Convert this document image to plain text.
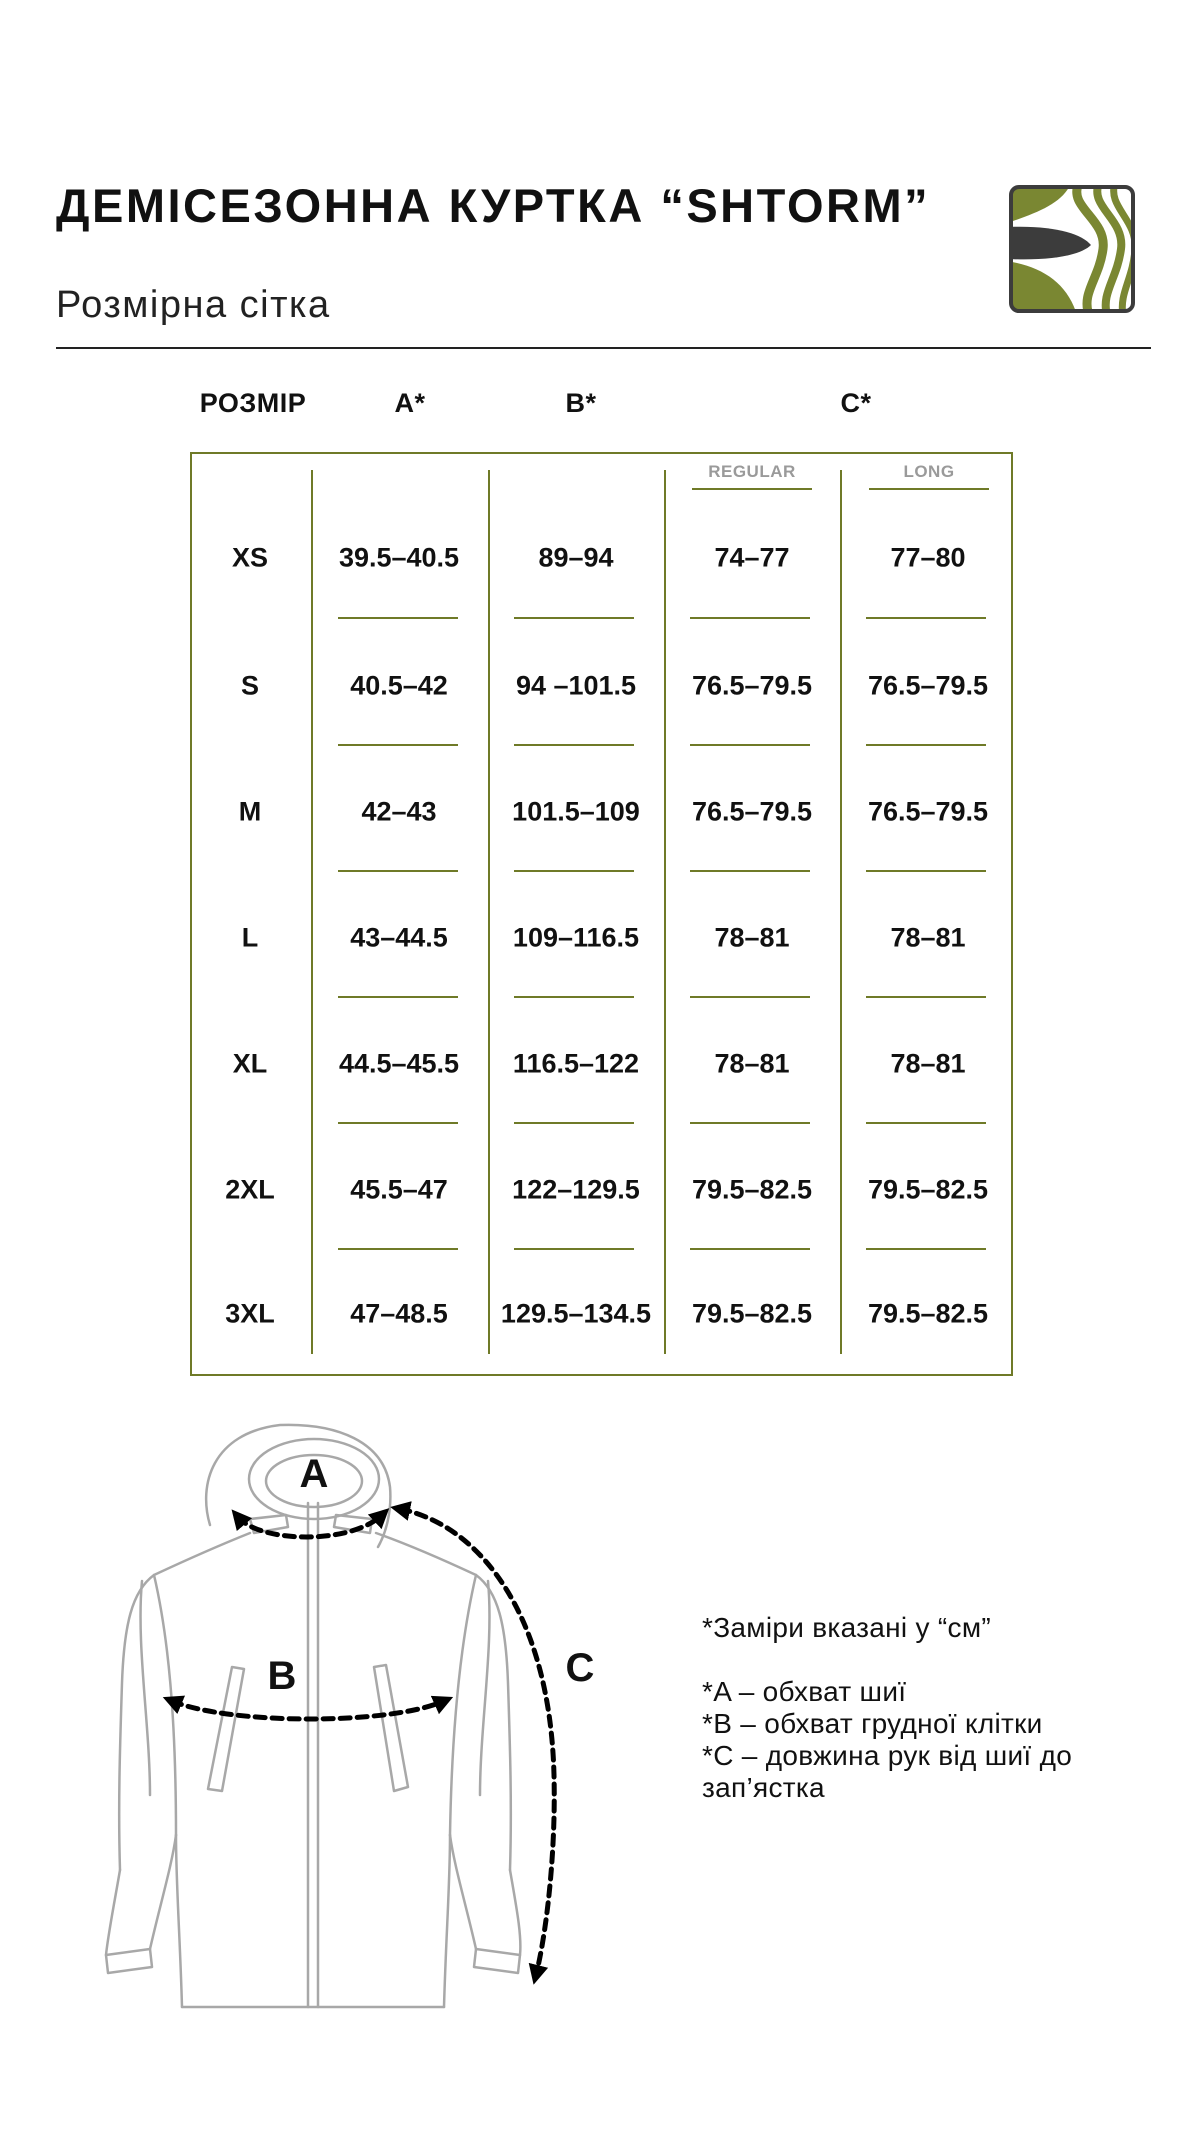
ДЕМІСЕЗОННА КУРТКА “SHTORM”
Розмірна сітка
РОЗМІР	A*	B*	C*
REGULAR	LONG
XS	39.5–40.5	89–94	74–77	77–80
S	40.5–42	94 –101.5	76.5–79.5	76.5–79.5
M	42–43	101.5–109	76.5–79.5	76.5–79.5
L	43–44.5	109–116.5	78–81	78–81
XL	44.5–45.5	116.5–122	78–81	78–81
2XL	45.5–47	122–129.5	79.5–82.5	79.5–82.5
3XL	47–48.5	129.5–134.5	79.5–82.5	79.5–82.5
A
B	C
*Заміри вказані у “см”
*A – обхват шиї
*B – обхват грудної клітки
*C – довжина рук від шиї до
зап’ястка
